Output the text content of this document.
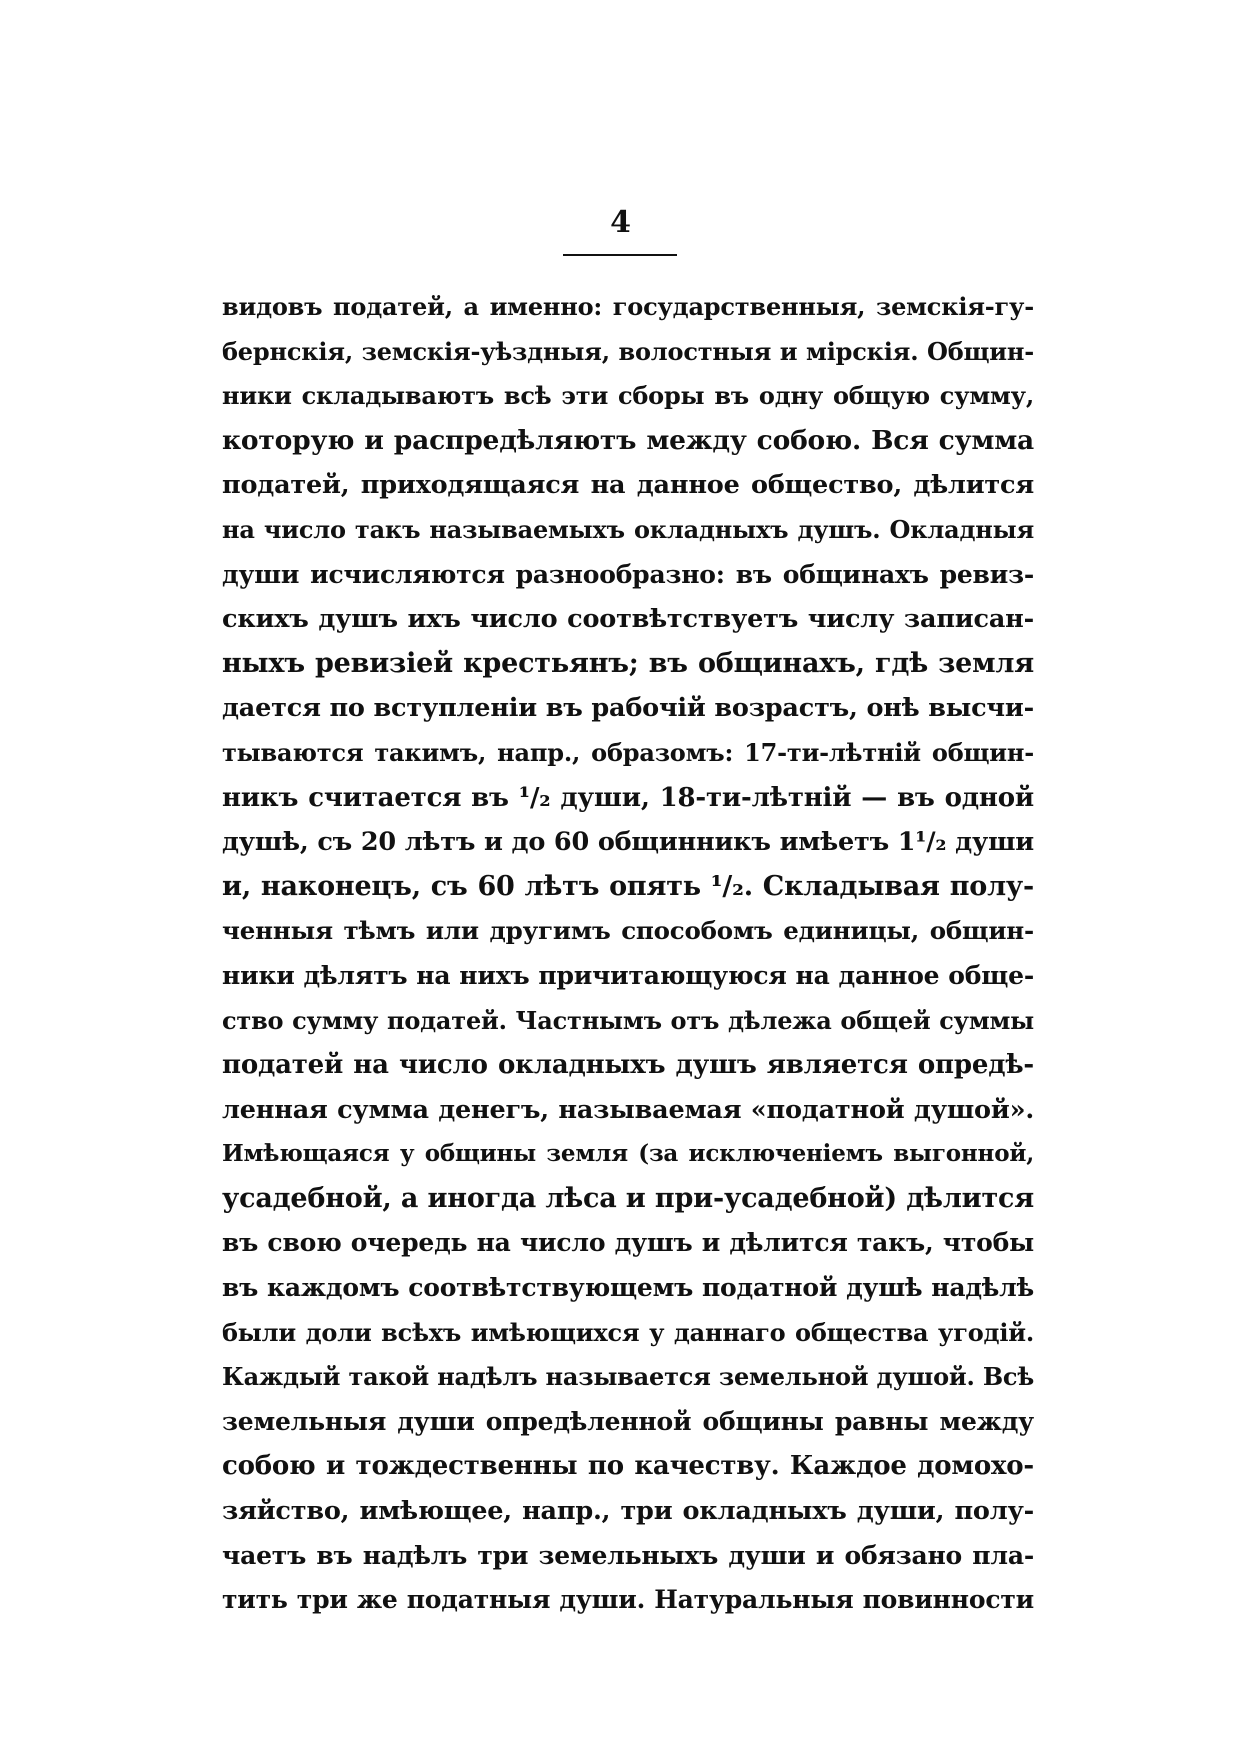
4
видовъ податей, а именно: государственныя, земскія-гу-
бернскія, земскія-уѣздныя, волостныя и мірскія. Общин-
ники складываютъ всѣ эти сборы въ одну общую сумму,
которую и распредѣляютъ между собою. Вся сумма
податей, приходящаяся на данное общество, дѣлится
на число такъ называемыхъ окладныхъ душъ. Окладныя
души исчисляются разнообразно: въ общинахъ ревиз-
скихъ душъ ихъ число соотвѣтствуетъ числу записан-
ныхъ ревизіей крестьянъ; въ общинахъ, гдѣ земля
дается по вступленіи въ рабочій возрастъ, онѣ высчи-
тываются такимъ, напр., образомъ: 17-ти-лѣтній общин-
никъ считается въ ¹/₂ души, 18-ти-лѣтній — въ одной
душѣ, съ 20 лѣтъ и до 60 общинникъ имѣетъ 1¹/₂ души
и, наконецъ, съ 60 лѣтъ опять ¹/₂. Складывая полу-
ченныя тѣмъ или другимъ способомъ единицы, общин-
ники дѣлятъ на нихъ причитающуюся на данное обще-
ство сумму податей. Частнымъ отъ дѣлежа общей суммы
податей на число окладныхъ душъ является опредѣ-
ленная сумма денегъ, называемая «податной душой».
Имѣющаяся у общины земля (за исключеніемъ выгонной,
усадебной, а иногда лѣса и при-усадебной) дѣлится
въ свою очередь на число душъ и дѣлится такъ, чтобы
въ каждомъ соотвѣтствующемъ податной душѣ надѣлѣ
были доли всѣхъ имѣющихся у даннаго общества угодій.
Каждый такой надѣлъ называется земельной душой. Всѣ
земельныя души опредѣленной общины равны между
собою и тождественны по качеству. Каждое домохо-
зяйство, имѣющее, напр., три окладныхъ души, полу-
чаетъ въ надѣлъ три земельныхъ души и обязано пла-
тить три же податныя души. Натуральныя повинности
